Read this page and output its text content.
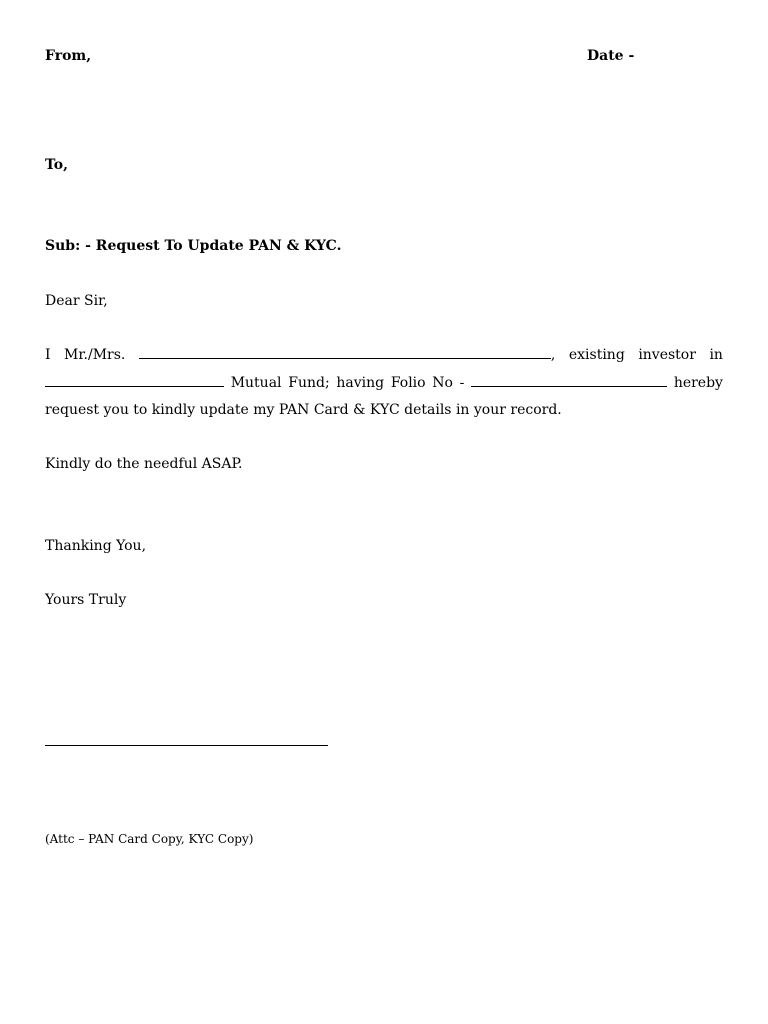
From,	Date -
To,
Sub: - Request To Update PAN & KYC.
Dear Sir,
I Mr./Mrs.	, existing investor in
Mutual Fund; having Folio No -	hereby
request you to kindly update my PAN Card & KYC details in your record.
Kindly do the needful ASAP.
Thanking You,
Yours Truly
(Attc – PAN Card Copy, KYC Copy)
